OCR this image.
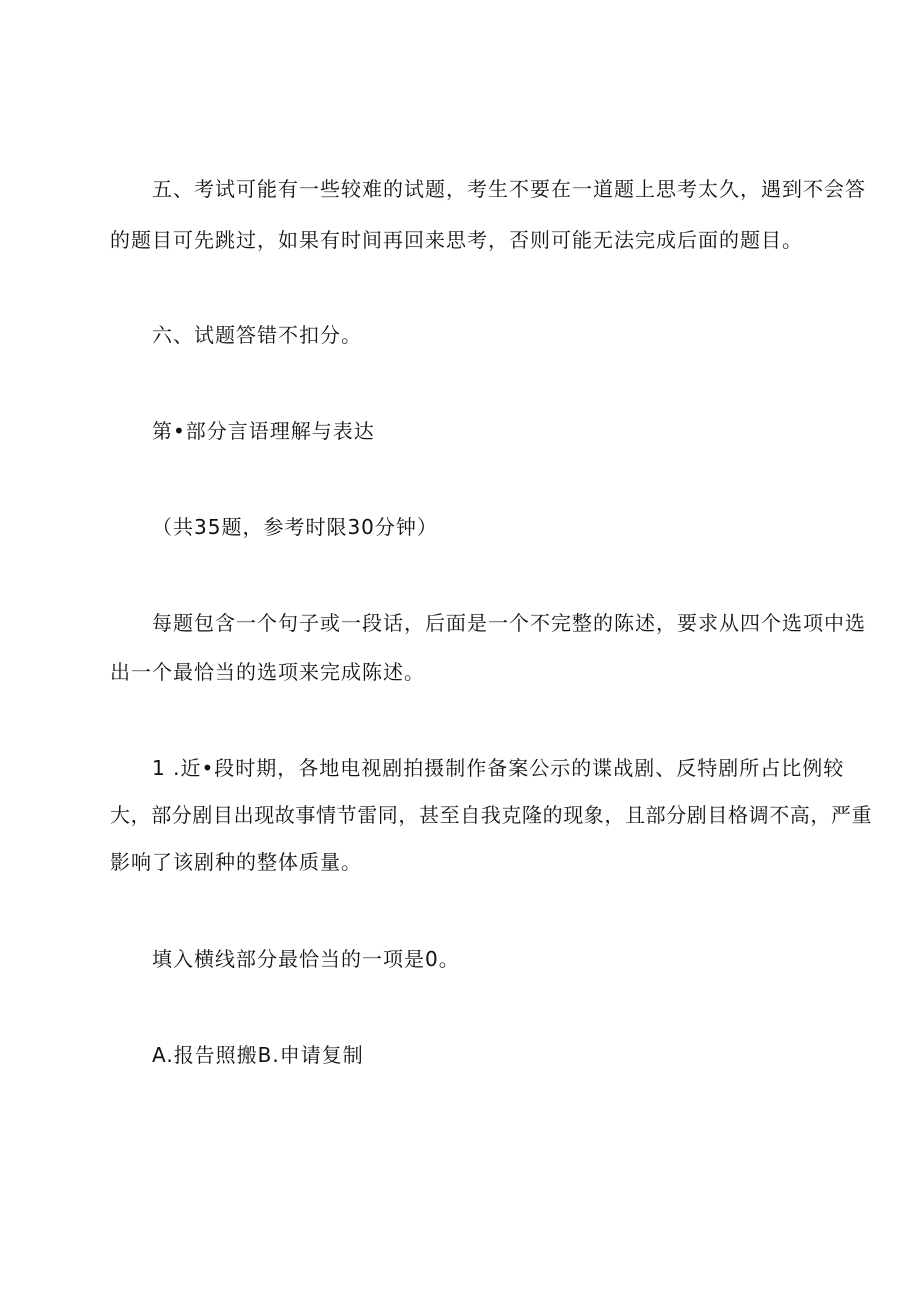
五、考试可能有一些较难的试题，考生不要在一道题上思考太久，遇到不会答

的题目可先跳过，如果有时间再回来思考，否则可能无法完成后面的题目。

六、试题答错不扣分。

第•部分言语理解与表达

（共35题，参考时限30分钟）

每题包含一个句子或一段话，后面是一个不完整的陈述，要求从四个选项中选

出一个最恰当的选项来完成陈述。

1 .近•段时期，各地电视剧拍摄制作备案公示的谍战剧、反特剧所占比例较

大，部分剧目出现故事情节雷同，甚至自我克隆的现象，且部分剧目格调不高，严重

影响了该剧种的整体质量。

填入横线部分最恰当的一项是0。

A.报告照搬B.申请复制
